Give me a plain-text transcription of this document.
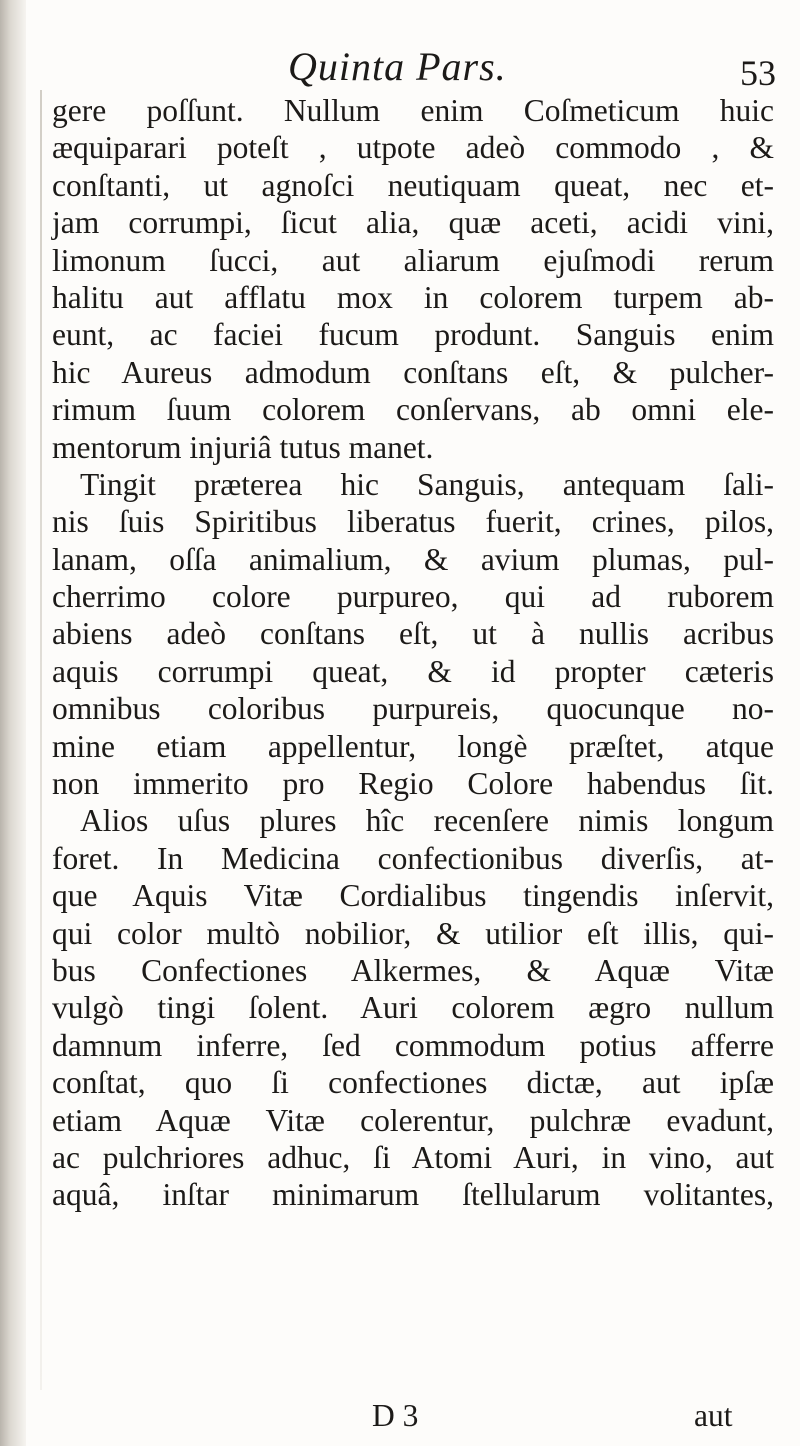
Quinta Pars.	53
gere poſſunt. Nullum enim Coſmeticum huic
æquiparari poteſt , utpote adeò commodo , &
conſtanti, ut agnoſci neutiquam queat, nec et-
jam corrumpi, ſicut alia, quæ aceti, acidi vini,
limonum ſucci, aut aliarum ejuſmodi rerum
halitu aut afflatu mox in colorem turpem ab-
eunt, ac faciei fucum produnt. Sanguis enim
hic Aureus admodum conſtans eſt, & pulcher-
rimum ſuum colorem conſervans, ab omni ele-
mentorum injuriâ tutus manet.
Tingit præterea hic Sanguis, antequam ſali-
nis ſuis Spiritibus liberatus fuerit, crines, pilos,
lanam, oſſa animalium, & avium plumas, pul-
cherrimo colore purpureo, qui ad ruborem
abiens adeò conſtans eſt, ut à nullis acribus
aquis corrumpi queat, & id propter cæteris
omnibus coloribus purpureis, quocunque no-
mine etiam appellentur, longè præſtet, atque
non immerito pro Regio Colore habendus ſit.
Alios uſus plures hîc recenſere nimis longum
foret. In Medicina confectionibus diverſis, at-
que Aquis Vitæ Cordialibus tingendis inſervit,
qui color multò nobilior, & utilior eſt illis, qui-
bus Confectiones Alkermes, & Aquæ Vitæ
vulgò tingi ſolent. Auri colorem ægro nullum
damnum inferre, ſed commodum potius afferre
conſtat, quo ſi confectiones dictæ, aut ipſæ
etiam Aquæ Vitæ colerentur, pulchræ evadunt,
ac pulchriores adhuc, ſi Atomi Auri, in vino, aut
aquâ, inſtar minimarum ſtellularum volitantes,
D 3	aut
